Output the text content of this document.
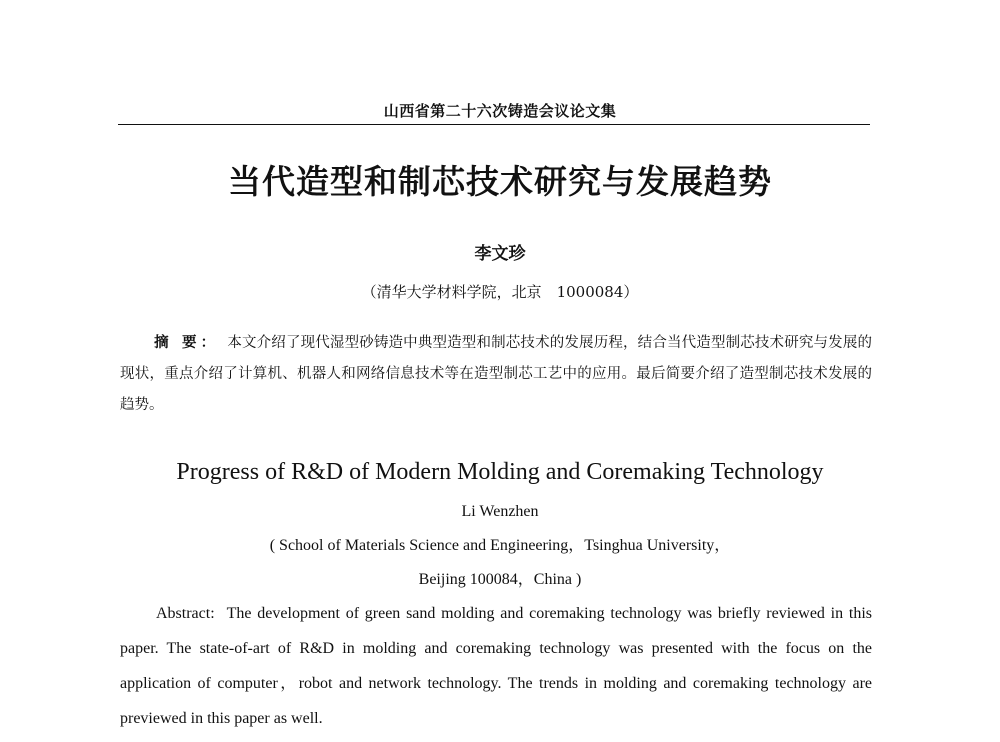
山西省第二十六次铸造会议论文集
当代造型和制芯技术研究与发展趋势
李文珍
（清华大学材料学院，北京　1000084）
摘 要： 本文介绍了现代湿型砂铸造中典型造型和制芯技术的发展历程，结合当代造型制芯技术研究与发展的现状，重点介绍了计算机、机器人和网络信息技术等在造型制芯工艺中的应用。最后简要介绍了造型制芯技术发展的趋势。
Progress of R&D of Modern Molding and Coremaking Technology
Li Wenzhen
( School of Materials Science and Engineering，Tsinghua University，
Beijing 100084，China )
Abstract: The development of green sand molding and coremaking technology was briefly reviewed in this paper. The state-of-art of R&D in molding and coremaking technology was presented with the focus on the application of computer，robot and network technology. The trends in molding and coremaking technology are previewed in this paper as well.
